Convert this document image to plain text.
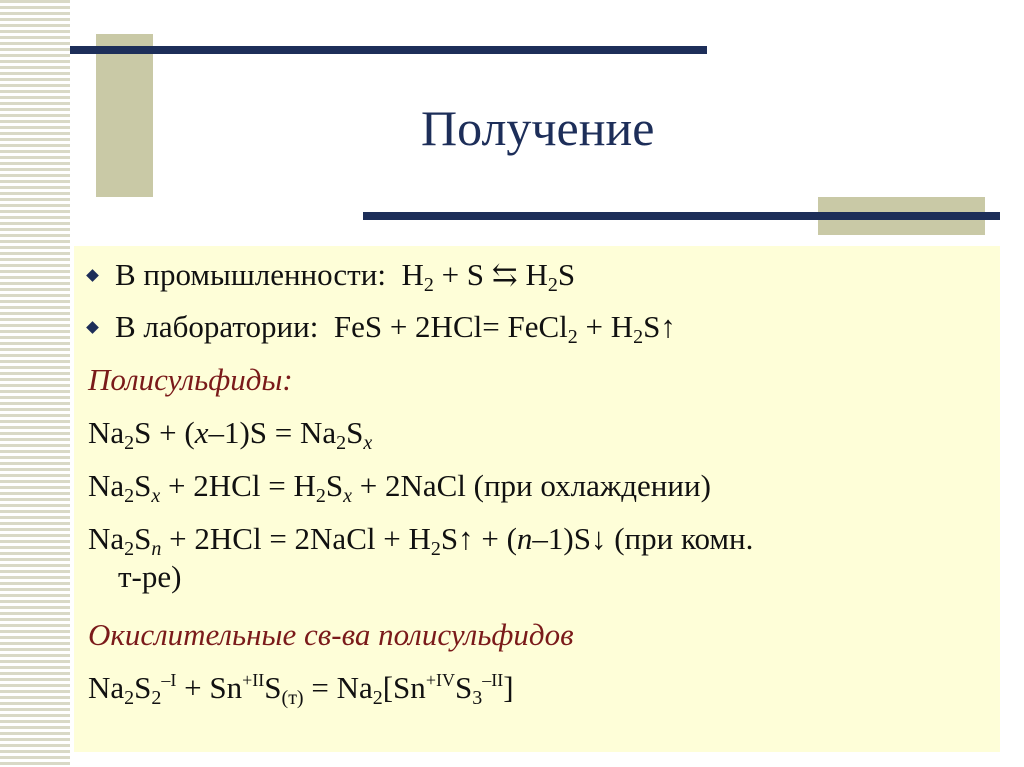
Получение
В промышленности:  $H_2 + S$ ⇆ $H_2S$
В лаборатории:  FeS + 2HCl= FeCl$_2$ + $H_2S↑$
Полисульфиды:
$Na_2S + (x-1)S = Na_2S_x$
$Na_2S_x + 2HCl = H_2S_x$ + 2NaCl (при охлаждении)
$Na_2S_n + 2HCl$ = 2NaCl + $H_2S↑$ + (n–1)S↓ (при комн.
т-ре)
Окислительные св-ва полисульфидов
$Na_2S_2^{-I} + Sn^{+II}S_{(т)} = Na_2[Sn^{+IV}S_3^{-II}]$
